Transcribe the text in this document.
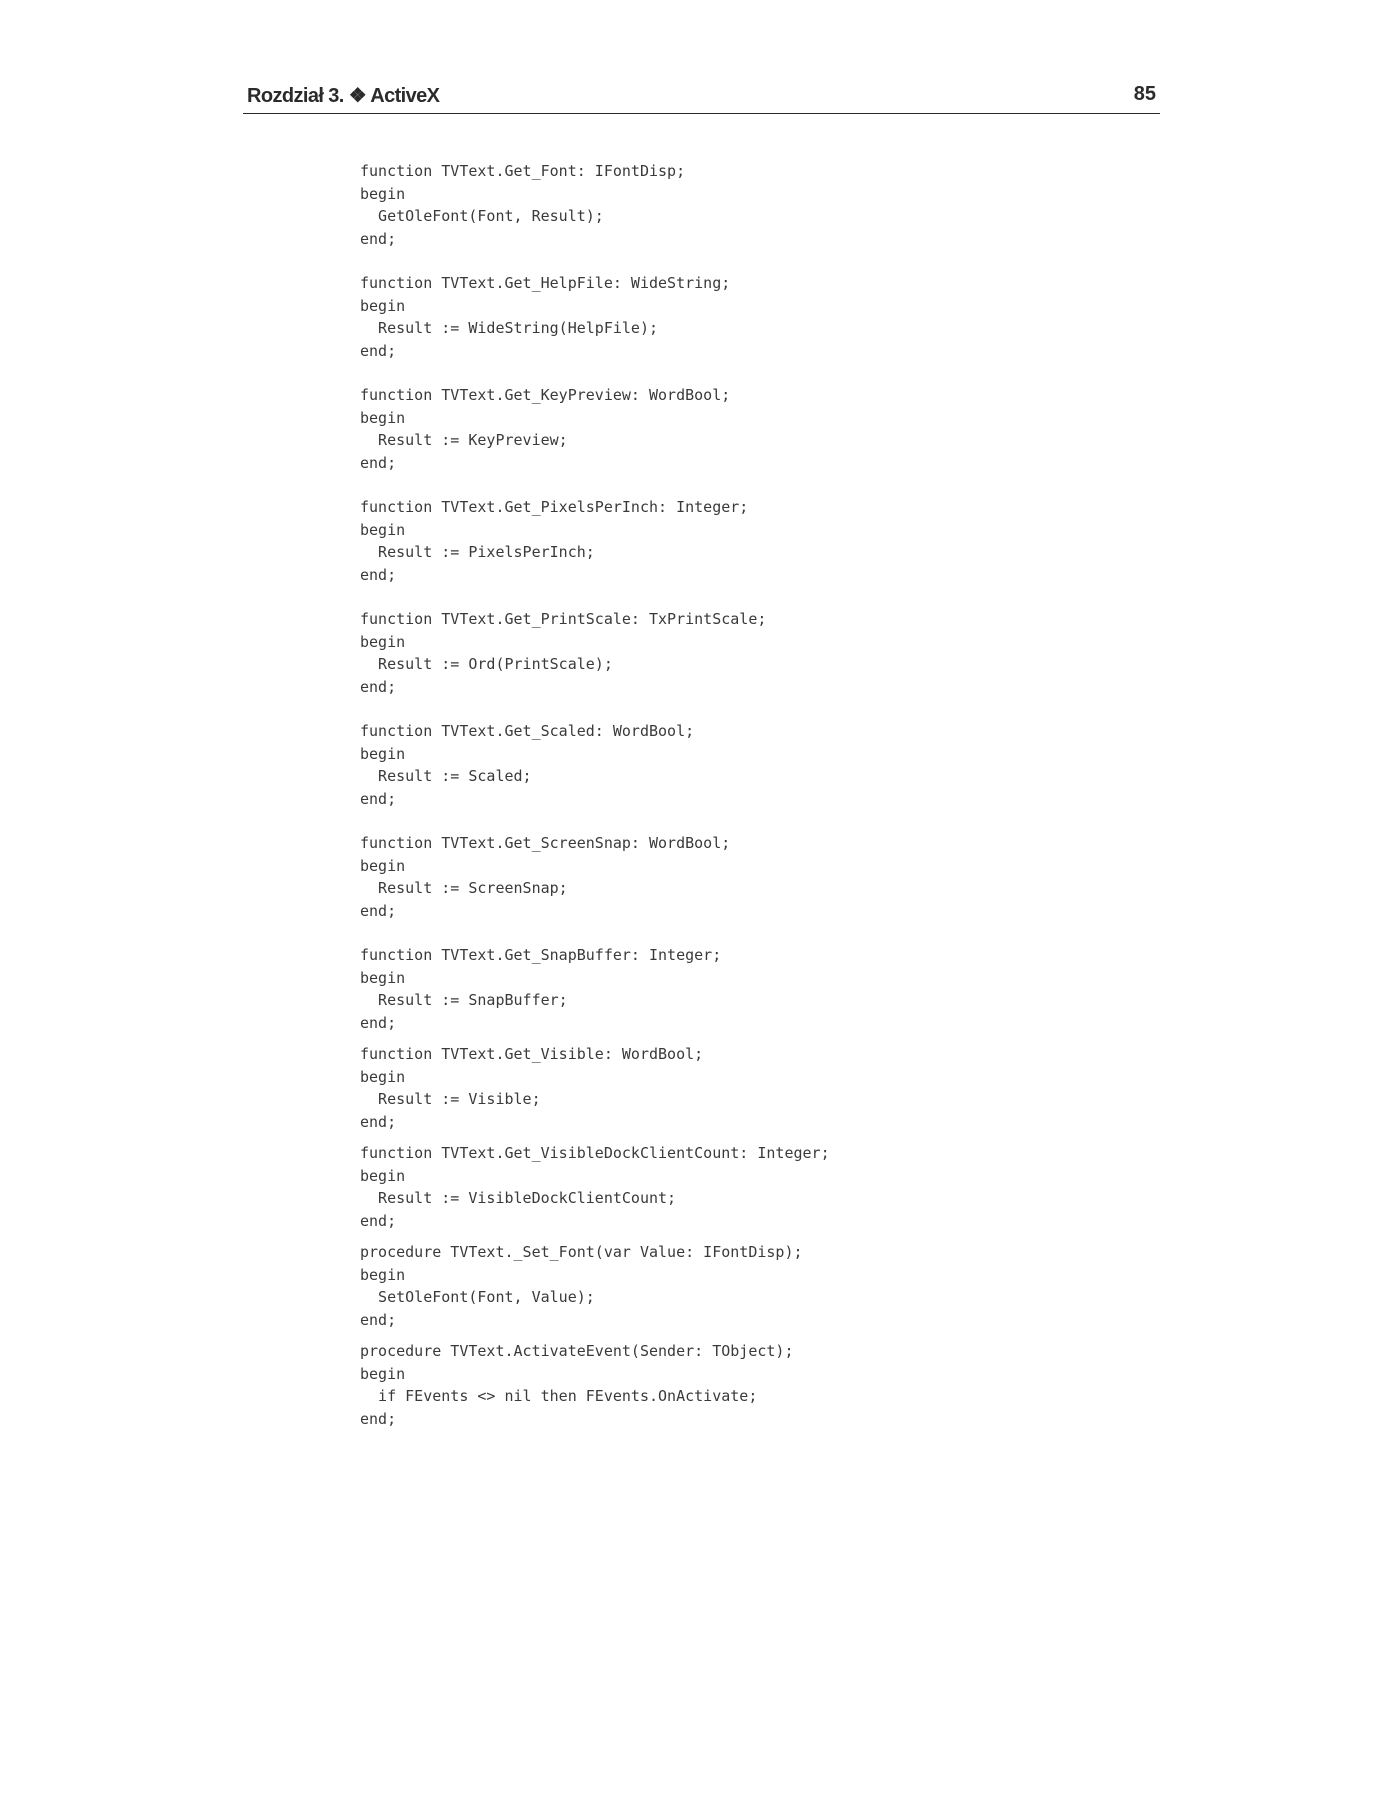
Rozdział 3. ❖ ActiveX	85
function TVText.Get_Font: IFontDisp;
begin
GetOleFont(Font, Result);
end;
function TVText.Get_HelpFile: WideString;
begin
Result := WideString(HelpFile);
end;
function TVText.Get_KeyPreview: WordBool;
begin
Result := KeyPreview;
end;
function TVText.Get_PixelsPerInch: Integer;
begin
Result := PixelsPerInch;
end;
function TVText.Get_PrintScale: TxPrintScale;
begin
Result := Ord(PrintScale);
end;
function TVText.Get_Scaled: WordBool;
begin
Result := Scaled;
end;
function TVText.Get_ScreenSnap: WordBool;
begin
Result := ScreenSnap;
end;
function TVText.Get_SnapBuffer: Integer;
begin
Result := SnapBuffer;
end;
function TVText.Get_Visible: WordBool;
begin
Result := Visible;
end;
function TVText.Get_VisibleDockClientCount: Integer;
begin
Result := VisibleDockClientCount;
end;
procedure TVText._Set_Font(var Value: IFontDisp);
begin
SetOleFont(Font, Value);
end;
procedure TVText.ActivateEvent(Sender: TObject);
begin
if FEvents <> nil then FEvents.OnActivate;
end;
